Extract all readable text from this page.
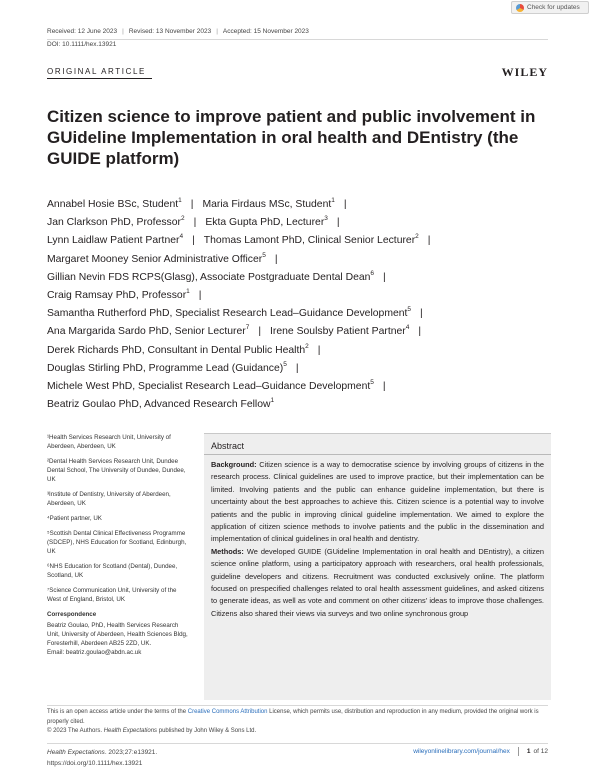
Check for updates
Received: 12 June 2023 | Revised: 13 November 2023 | Accepted: 15 November 2023
DOI: 10.1111/hex.13921
ORIGINAL ARTICLE	WILEY
Citizen science to improve patient and public involvement in GUideline Implementation in oral health and DEntistry (the GUIDE platform)
Annabel Hosie BSc, Student$^1$ | Maria Firdaus MSc, Student$^1$ |
Jan Clarkson PhD, Professor$^2$ | Ekta Gupta PhD, Lecturer$^3$ |
Lynn Laidlaw Patient Partner$^4$ | Thomas Lamont PhD, Clinical Senior Lecturer$^2$ |
Margaret Mooney Senior Administrative Officer$^5$ |
Gillian Nevin FDS RCPS(Glasg), Associate Postgraduate Dental Dean$^6$ |
Craig Ramsay PhD, Professor$^1$ |
Samantha Rutherford PhD, Specialist Research Lead–Guidance Development$^5$ |
Ana Margarida Sardo PhD, Senior Lecturer$^7$ | Irene Soulsby Patient Partner$^4$ |
Derek Richards PhD, Consultant in Dental Public Health$^2$ |
Douglas Stirling PhD, Programme Lead (Guidance)$^5$ |
Michele West PhD, Specialist Research Lead–Guidance Development$^5$ |
Beatriz Goulao PhD, Advanced Research Fellow$^1$

¹Health Services Research Unit, University of Aberdeen, Aberdeen, UK

²Dental Health Services Research Unit, Dundee Dental School, The University of Dundee, Dundee, UK

³Institute of Dentistry, University of Aberdeen, Aberdeen, UK

⁴Patient partner, UK

⁵Scottish Dental Clinical Effectiveness Programme (SDCEP), NHS Education for Scotland, Edinburgh, UK

⁶NHS Education for Scotland (Dental), Dundee, Scotland, UK

⁷Science Communication Unit, University of the West of England, Bristol, UK

Correspondence

Beatriz Goulao, PhD, Health Services Research Unit, University of Aberdeen, Health Sciences Bldg, Foresterhill, Aberdeen AB25 2ZD, UK.

Email: beatriz.goulao@abdn.ac.uk

Abstract

Background: Citizen science is a way to democratise science by involving groups of citizens in the research process. Clinical guidelines are used to improve practice, but their implementation can be limited. Involving patients and the public can enhance guideline implementation, but there is uncertainty about the best approaches to achieve this. Citizen science is a potential way to involve patients and the public in improving clinical guideline implementation. We aimed to explore the application of citizen science methods to involve patients and the public in the dissemination and implementation of clinical guidelines in oral health and dentistry.

Methods: We developed GUIDE (GUideline Implementation in oral health and DEntistry), a citizen science online platform, using a participatory approach with researchers, oral health professionals, guideline developers and citizens. Recruitment was conducted exclusively online. The platform focused on prespecified challenges related to oral health assessment guidelines, and asked citizens to generate ideas, as well as vote and comment on other citizens' ideas to improve those challenges. Citizens also shared their views via surveys and two online synchronous group

This is an open access article under the terms of the Creative Commons Attribution License, which permits use, distribution and reproduction in any medium, provided the original work is properly cited.
© 2023 The Authors. Health Expectations published by John Wiley & Sons Ltd.
Health Expectations. 2023;27:e13921.
https://doi.org/10.1111/hex.13921
wileyonlinelibrary.com/journal/hex	1 of 12
